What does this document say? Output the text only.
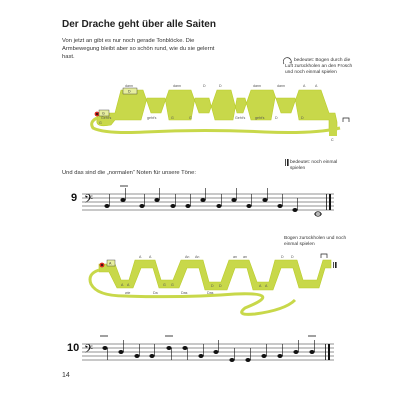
Der Drache geht über alle Saiten
Von jetzt an gibt es nur noch gerade Tonblöcke. Die Armbewegung bleibt aber so schön rund, wie du sie gelernt hast.
bedeutet: Bogen durch die Luft zurückholen an den Frosch und noch einmal spielen
G
D
dann	dann	D	D	dann	dann	A	A
G
Geht's	geht's	G	G	Geht's	geht's	D	D
C
Und das sind die „normalen“ Noten für unsere Töne:
bedeutet: noch einmal spielen
9 𝄢
Bogen zurückholen und noch einmal spielen
A
A A	An An	an an	D D
A A	G G	D D	A A
wie	Da	Das	Das
10 𝄢
14
